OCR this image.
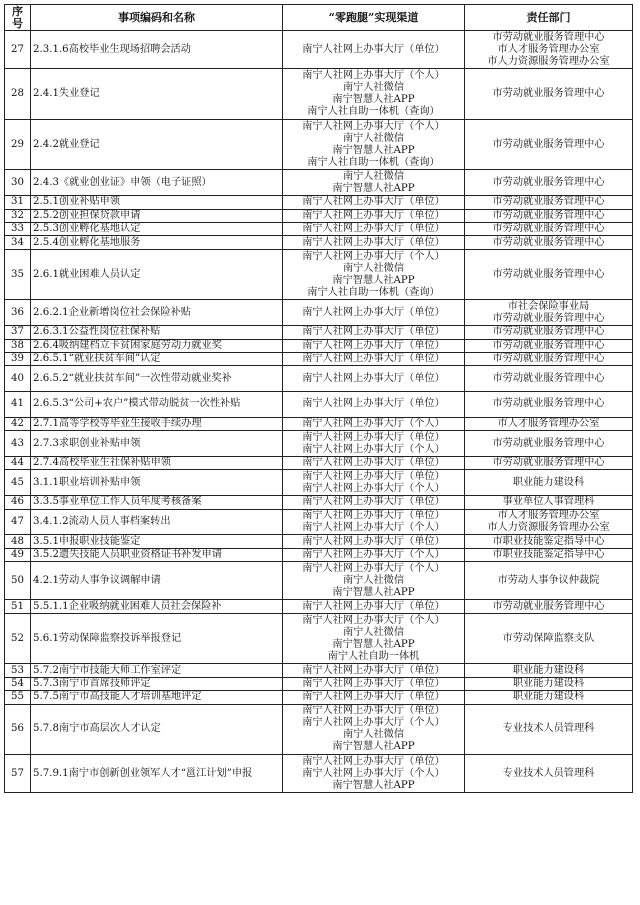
序号	事项编码和名称	“零跑腿”实现渠道	责任部门
27	2.3.1.6高校毕业生现场招聘会活动	南宁人社网上办事大厅（单位）	市劳动就业服务管理中心
市人才服务管理办公室
市人力资源服务管理办公室

28	2.4.1失业登记	南宁人社网上办事大厅（个人）
南宁人社微信
南宁智慧人社APP
南宁人社自助一体机（查询）	市劳动就业服务管理中心

29	2.4.2就业登记	南宁人社网上办事大厅（个人）
南宁人社微信
南宁智慧人社APP
南宁人社自助一体机（查询）	市劳动就业服务管理中心

30	2.4.3《就业创业证》申领（电子证照）	南宁人社微信
南宁智慧人社APP	市劳动就业服务管理中心

31	2.5.1创业补贴申领	南宁人社网上办事大厅（单位）	市劳动就业服务管理中心

32	2.5.2创业担保贷款申请	南宁人社网上办事大厅（单位）	市劳动就业服务管理中心

33	2.5.3创业孵化基地认定	南宁人社网上办事大厅（单位）	市劳动就业服务管理中心

34	2.5.4创业孵化基地服务	南宁人社网上办事大厅（单位）	市劳动就业服务管理中心

35	2.6.1就业困难人员认定	南宁人社网上办事大厅（个人）
南宁人社微信
南宁智慧人社APP
南宁人社自助一体机（查询）	市劳动就业服务管理中心

36	2.6.2.1企业新增岗位社会保险补贴	南宁人社网上办事大厅（单位）	市社会保险事业局
市劳动就业服务管理中心

37	2.6.3.1公益性岗位社保补贴	南宁人社网上办事大厅（单位）	市劳动就业服务管理中心

38	2.6.4吸纳建档立卡贫困家庭劳动力就业奖	南宁人社网上办事大厅（单位）	市劳动就业服务管理中心

39	2.6.5.1“就业扶贫车间”认定	南宁人社网上办事大厅（单位）	市劳动就业服务管理中心

40	2.6.5.2“就业扶贫车间”一次性带动就业奖补	南宁人社网上办事大厅（单位）	市劳动就业服务管理中心

41	2.6.5.3“公司+农户”模式带动脱贫一次性补贴	南宁人社网上办事大厅（单位）	市劳动就业服务管理中心

42	2.7.1高等学校等毕业生接收手续办理	南宁人社网上办事大厅（个人）	市人才服务管理办公室

43	2.7.3求职创业补贴申领	南宁人社网上办事大厅（单位）
南宁人社网上办事大厅（个人）	市劳动就业服务管理中心

44	2.7.4高校毕业生社保补贴申领	南宁人社网上办事大厅（单位）	市劳动就业服务管理中心

45	3.1.1职业培训补贴申领	南宁人社网上办事大厅（单位）
南宁人社网上办事大厅（个人）	职业能力建设科

46	3.3.5事业单位工作人员年度考核备案	南宁人社网上办事大厅（单位）	事业单位人事管理科

47	3.4.1.2流动人员人事档案转出	南宁人社网上办事大厅（单位）
南宁人社网上办事大厅（个人）	市人才服务管理办公室
市人力资源服务管理办公室

48	3.5.1申报职业技能鉴定	南宁人社网上办事大厅（单位）	市职业技能鉴定指导中心

49	3.5.2遗失技能人员职业资格证书补发申请	南宁人社网上办事大厅（个人）	市职业技能鉴定指导中心

50	4.2.1劳动人事争议调解申请	南宁人社网上办事大厅（个人）
南宁人社微信
南宁智慧人社APP	市劳动人事争议仲裁院

51	5.5.1.1企业吸纳就业困难人员社会保险补	南宁人社网上办事大厅（单位）	市劳动就业服务管理中心

52	5.6.1劳动保障监察投诉举报登记	南宁人社网上办事大厅（个人）
南宁人社微信
南宁智慧人社APP
南宁人社自助一体机	市劳动保障监察支队

53	5.7.2南宁市技能大师工作室评定	南宁人社网上办事大厅（单位）	职业能力建设科

54	5.7.3南宁市首席技师评定	南宁人社网上办事大厅（单位）	职业能力建设科

55	5.7.5南宁市高技能人才培训基地评定	南宁人社网上办事大厅（单位）	职业能力建设科

56	5.7.8南宁市高层次人才认定	南宁人社网上办事大厅（单位）
南宁人社网上办事大厅（个人）
南宁人社微信
南宁智慧人社APP	专业技术人员管理科

57	5.7.9.1南宁市创新创业领军人才“邕江计划”申报	南宁人社网上办事大厅（单位）
南宁人社网上办事大厅（个人）
南宁智慧人社APP	专业技术人员管理科
